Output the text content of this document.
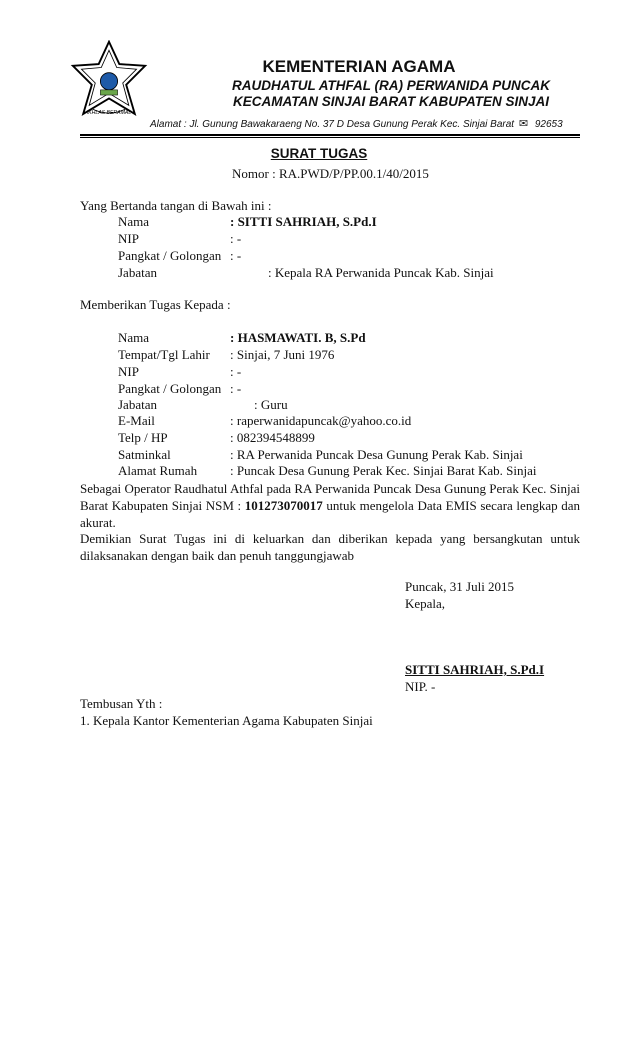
IKHLAS BERAMAL
KEMENTERIAN AGAMA
RAUDHATUL ATHFAL (RA) PERWANIDA PUNCAK
KECAMATAN SINJAI BARAT KABUPATEN SINJAI
Alamat : Jl. Gunung Bawakaraeng No. 37 D Desa Gunung Perak Kec. Sinjai Barat ✉ 92653
SURAT TUGAS
Nomor : RA.PWD/P/PP.00.1/40/2015
Yang Bertanda tangan di Bawah ini :
Nama	: SITTI SAHRIAH, S.Pd.I
NIP	: -
Pangkat / Golongan : -
Jabatan	: Kepala RA Perwanida Puncak Kab. Sinjai
Memberikan Tugas Kepada :
Nama	: HASMAWATI. B, S.Pd
Tempat/Tgl Lahir : Sinjai, 7 Juni 1976
NIP	: -
Pangkat / Golongan : -
Jabatan	: Guru
E-Mail	: raperwanidapuncak@yahoo.co.id
Telp / HP	: 082394548899
Satminkal	: RA Perwanida Puncak Desa Gunung Perak Kab. Sinjai
Alamat Rumah	: Puncak Desa Gunung Perak Kec. Sinjai Barat Kab. Sinjai
Sebagai Operator Raudhatul Athfal pada RA Perwanida Puncak Desa Gunung Perak Kec. Sinjai Barat Kabupaten Sinjai NSM : 101273070017 untuk mengelola Data EMIS secara lengkap dan akurat.
Demikian Surat Tugas ini di keluarkan dan diberikan kepada yang bersangkutan untuk dilaksanakan dengan baik dan penuh tanggungjawab
Puncak, 31 Juli 2015
Kepala,
SITTI SAHRIAH, S.Pd.I
NIP. -
Tembusan Yth :
1. Kepala Kantor Kementerian Agama Kabupaten Sinjai
